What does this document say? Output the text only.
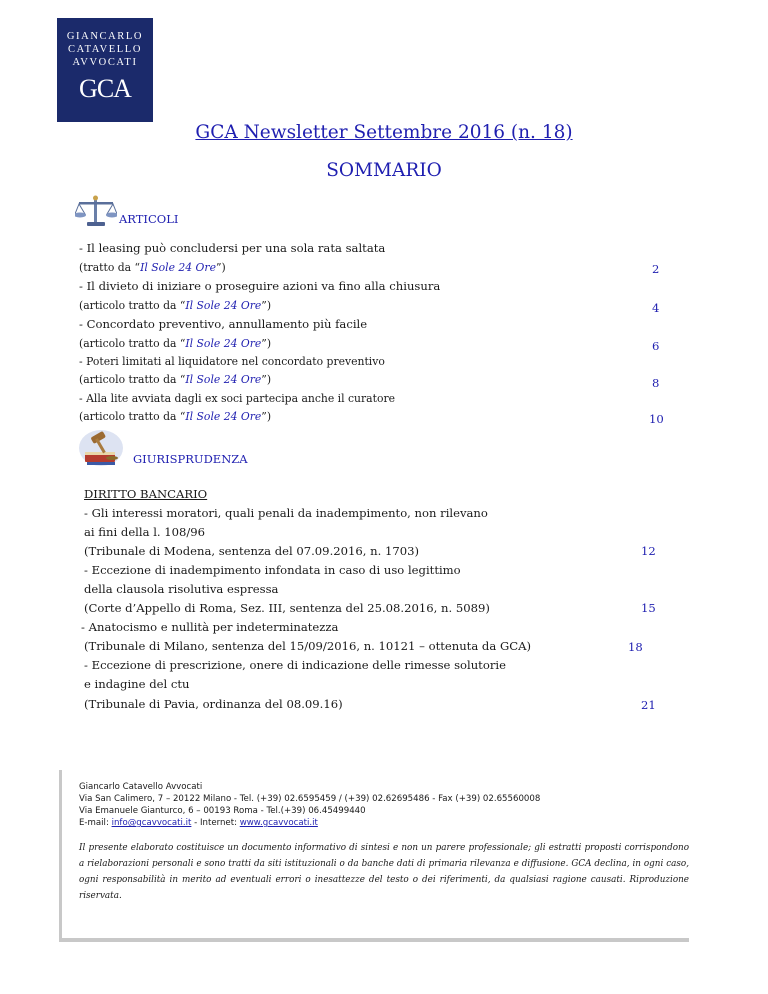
GIANCARLO
CATAVELLO
AVVOCATI
GCA
GCA Newsletter Settembre 2016 (n. 18)
SOMMARIO
ARTICOLI
- Il leasing può concludersi per una sola rata saltata
(tratto da “Il Sole 24 Ore”)	2
- Il divieto di iniziare o proseguire azioni va fino alla chiusura
(articolo tratto da “Il Sole 24 Ore”)	4
- Concordato preventivo, annullamento più facile
(articolo tratto da “Il Sole 24 Ore”)	6
- Poteri limitati al liquidatore nel concordato preventivo
(articolo tratto da “Il Sole 24 Ore”)	8
- Alla lite avviata dagli ex soci partecipa anche il curatore
(articolo tratto da “Il Sole 24 Ore”)	10
GIURISPRUDENZA
DIRITTO BANCARIO
- Gli interessi moratori, quali penali da inadempimento, non rilevano
ai fini della l. 108/96
(Tribunale di Modena, sentenza del 07.09.2016, n. 1703)	12
- Eccezione di inadempimento infondata in caso di uso legittimo
della clausola risolutiva espressa
(Corte d’Appello di Roma, Sez. III, sentenza del 25.08.2016, n. 5089)	15
- Anatocismo e nullità per indeterminatezza
(Tribunale di Milano, sentenza del 15/09/2016, n. 10121 – ottenuta da GCA)	18
- Eccezione di prescrizione, onere di indicazione delle rimesse solutorie
e indagine del ctu
(Tribunale di Pavia, ordinanza del 08.09.16)	21
Giancarlo Catavello Avvocati
Via San Calimero, 7 – 20122 Milano - Tel. (+39) 02.6595459 / (+39) 02.62695486 - Fax (+39) 02.65560008
Via Emanuele Gianturco, 6 – 00193 Roma - Tel.(+39) 06.45499440
E-mail: info@gcavvocati.it - Internet: www.gcavvocati.it
Il presente elaborato costituisce un documento informativo di sintesi e non un parere professionale; gli estratti proposti corrispondono a rielaborazioni personali e sono tratti da siti istituzionali o da banche dati di primaria rilevanza e diffusione. GCA declina, in ogni caso, ogni responsabilità in merito ad eventuali errori o inesattezze del testo o dei riferimenti, da qualsiasi ragione causati. Riproduzione riservata.
